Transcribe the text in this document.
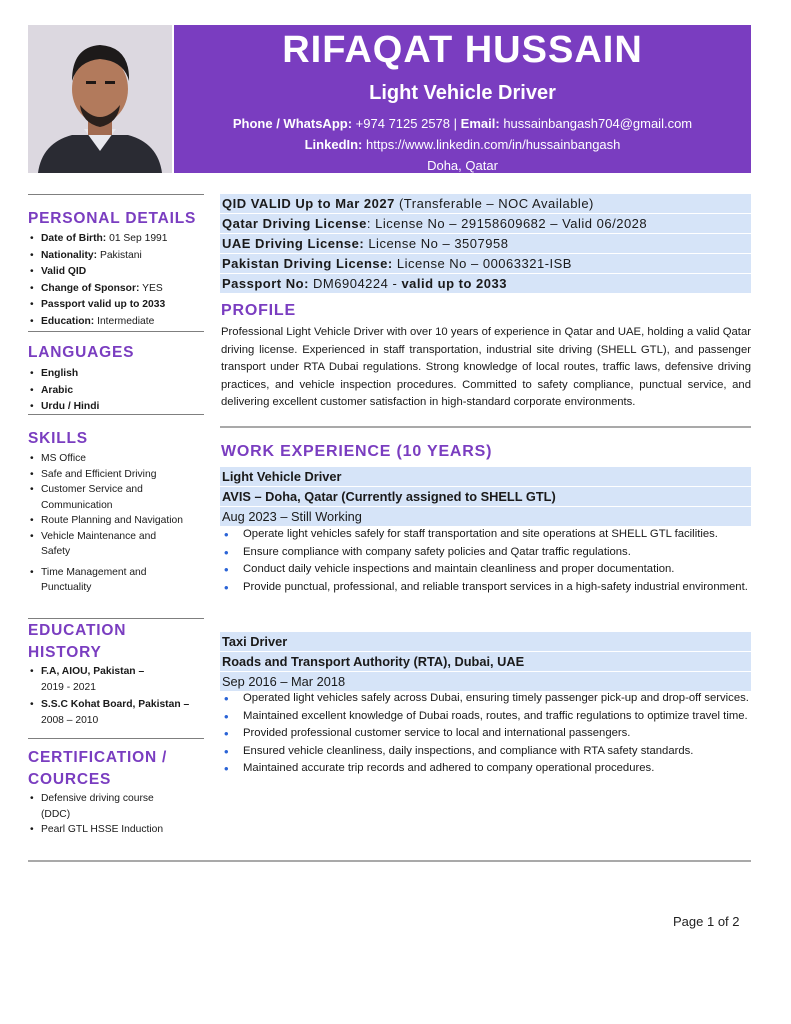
RIFAQAT HUSSAIN
Light Vehicle Driver
Phone / WhatsApp: +974 7125 2578 | Email: hussainbangash704@gmail.com
LinkedIn: https://www.linkedin.com/in/hussainbangash
Doha, Qatar
PERSONAL DETAILS
• Date of Birth: 01 Sep 1991
• Nationality: Pakistani
• Valid QID
• Change of Sponsor: YES
• Passport valid up to 2033
• Education: Intermediate
LANGUAGES
• English
• Arabic
• Urdu / Hindi
SKILLS
• MS Office
• Safe and Efficient Driving
• Customer Service and Communication
• Route Planning and Navigation
• Vehicle Maintenance and Safety
• Time Management and Punctuality
EDUCATION
HISTORY
• F.A, AIOU, Pakistan –
2019 - 2021
• S.S.C Kohat Board, Pakistan –
2008 – 2010
CERTIFICATION /
COURCES
• Defensive driving course (DDC)
• Pearl GTL HSSE Induction
QID VALID Up to Mar 2027 (Transferable – NOC Available)
Qatar Driving License: License No – 29158609682 – Valid 06/2028
UAE Driving License: License No – 3507958
Pakistan Driving License: License No – 00063321-ISB
Passport No: DM6904224 - valid up to 2033
PROFILE
Professional Light Vehicle Driver with over 10 years of experience in Qatar and UAE, holding a valid Qatar driving license. Experienced in staff transportation, industrial site driving (SHELL GTL), and passenger transport under RTA Dubai regulations. Strong knowledge of local routes, traffic laws, defensive driving practices, and vehicle inspection procedures. Committed to safety compliance, punctual service, and delivering excellent customer satisfaction in high-standard corporate environments.
WORK EXPERIENCE (10 YEARS)
Light Vehicle Driver
AVIS – Doha, Qatar (Currently assigned to SHELL GTL)
Aug 2023 – Still Working
• Operate light vehicles safely for staff transportation and site operations at SHELL GTL facilities.
• Ensure compliance with company safety policies and Qatar traffic regulations.
• Conduct daily vehicle inspections and maintain cleanliness and proper documentation.
• Provide punctual, professional, and reliable transport services in a high-safety industrial environment.
Taxi Driver
Roads and Transport Authority (RTA), Dubai, UAE
Sep 2016 – Mar 2018
• Operated light vehicles safely across Dubai, ensuring timely passenger pick-up and drop-off services.
• Maintained excellent knowledge of Dubai roads, routes, and traffic regulations to optimize travel time.
• Provided professional customer service to local and international passengers.
• Ensured vehicle cleanliness, daily inspections, and compliance with RTA safety standards.
• Maintained accurate trip records and adhered to company operational procedures.
Page 1 of 2
